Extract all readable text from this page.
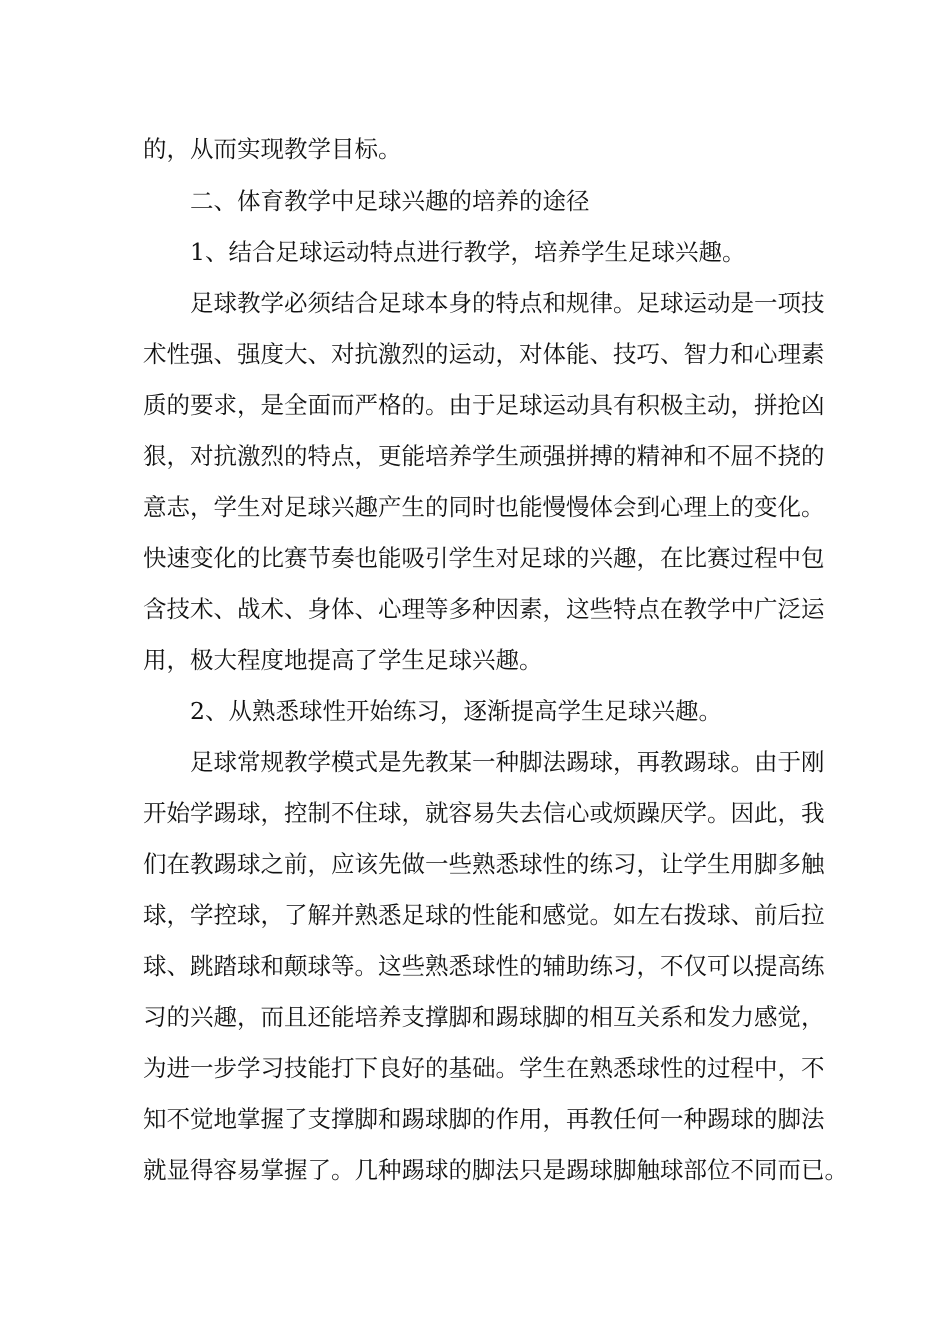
的，从而实现教学目标。
二、体育教学中足球兴趣的培养的途径
1、结合足球运动特点进行教学，培养学生足球兴趣。
足球教学必须结合足球本身的特点和规律。足球运动是一项技
术性强、强度大、对抗激烈的运动，对体能、技巧、智力和心理素
质的要求，是全面而严格的。由于足球运动具有积极主动，拼抢凶
狠，对抗激烈的特点，更能培养学生顽强拼搏的精神和不屈不挠的
意志，学生对足球兴趣产生的同时也能慢慢体会到心理上的变化。
快速变化的比赛节奏也能吸引学生对足球的兴趣，在比赛过程中包
含技术、战术、身体、心理等多种因素，这些特点在教学中广泛运
用，极大程度地提高了学生足球兴趣。
2、从熟悉球性开始练习，逐渐提高学生足球兴趣。
足球常规教学模式是先教某一种脚法踢球，再教踢球。由于刚
开始学踢球，控制不住球，就容易失去信心或烦躁厌学。因此，我
们在教踢球之前，应该先做一些熟悉球性的练习，让学生用脚多触
球，学控球，了解并熟悉足球的性能和感觉。如左右拨球、前后拉
球、跳踏球和颠球等。这些熟悉球性的辅助练习，不仅可以提高练
习的兴趣，而且还能培养支撑脚和踢球脚的相互关系和发力感觉，
为进一步学习技能打下良好的基础。学生在熟悉球性的过程中，不
知不觉地掌握了支撑脚和踢球脚的作用，再教任何一种踢球的脚法
就显得容易掌握了。几种踢球的脚法只是踢球脚触球部位不同而已。
